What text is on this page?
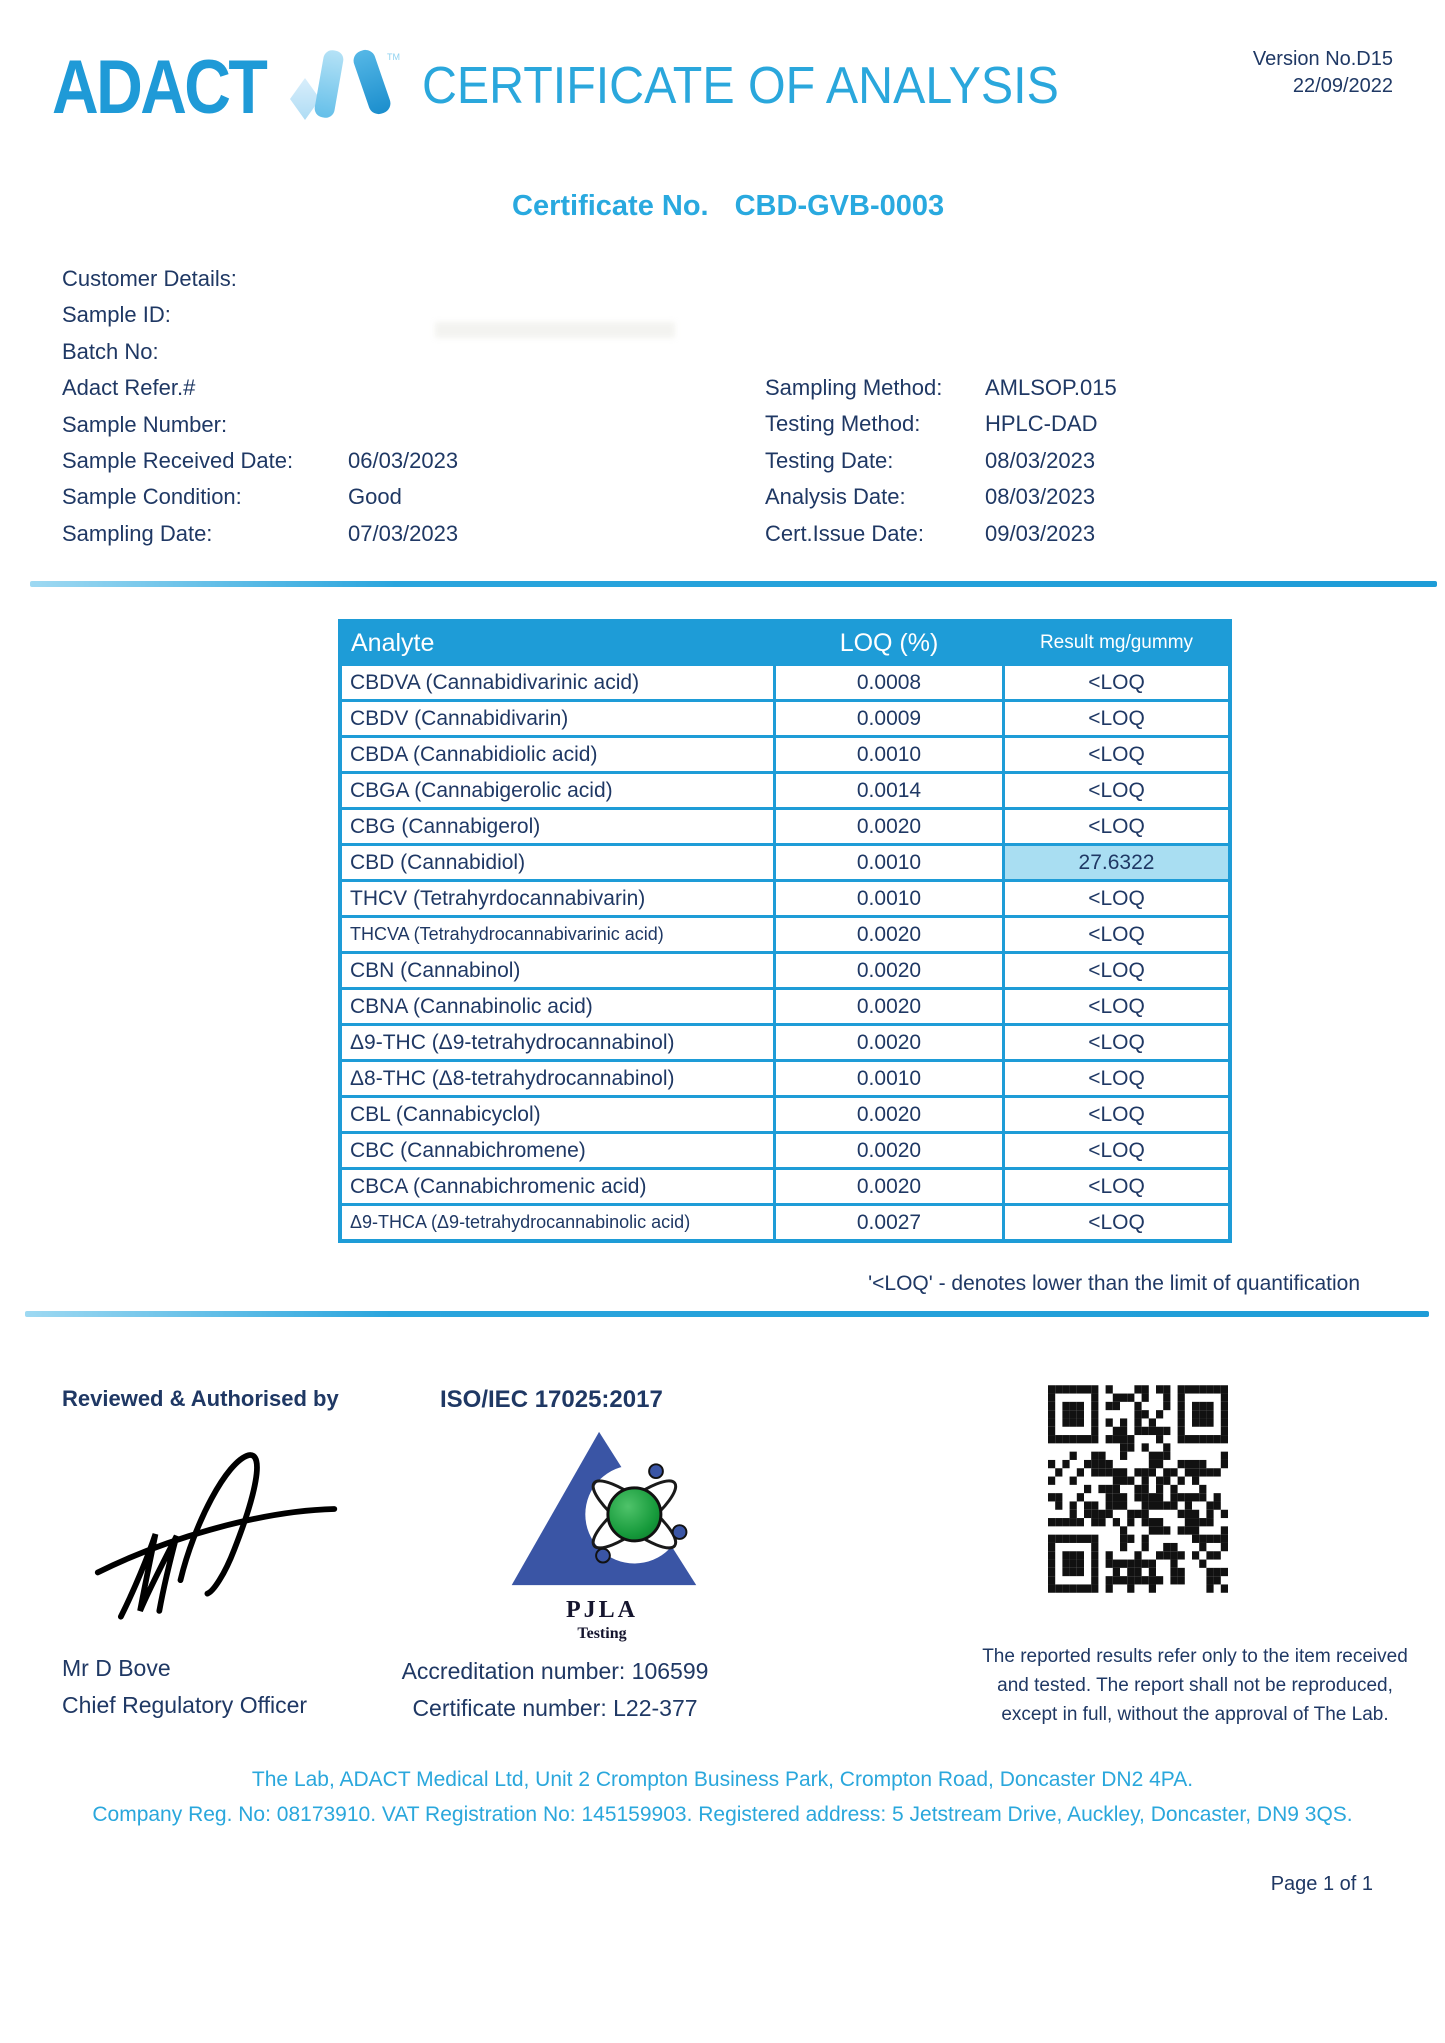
ADACT	TM CERTIFICATE OF ANALYSIS	Version No.D15
22/09/2022
Certificate No. CBD-GVB-0003
Customer Details:
Sample ID:
Batch No:
Adact Refer.#
Sample Number:
Sample Received Date: 06/03/2023
Sample Condition:	Good
Sampling Date:	07/03/2023
Sampling Method: AMLSOP.015
Testing Method:	HPLC-DAD
Testing Date:	08/03/2023
Analysis Date:	08/03/2023
Cert.Issue Date:	09/03/2023
Analyte	LOQ (%)	Result mg/gummy
CBDVA (Cannabidivarinic acid)	0.0008	<LOQ
CBDV (Cannabidivarin)	0.0009	<LOQ
CBDA (Cannabidiolic acid)	0.0010	<LOQ
CBGA (Cannabigerolic acid)	0.0014	<LOQ
CBG (Cannabigerol)	0.0020	<LOQ
CBD (Cannabidiol)	0.0010	27.6322
THCV (Tetrahyrdocannabivarin)	0.0010	<LOQ
THCVA (Tetrahydrocannabivarinic acid)	0.0020	<LOQ
CBN (Cannabinol)	0.0020	<LOQ
CBNA (Cannabinolic acid)	0.0020	<LOQ
Δ9-THC (Δ9-tetrahydrocannabinol)	0.0020	<LOQ
Δ8-THC (Δ8-tetrahydrocannabinol)	0.0010	<LOQ
CBL (Cannabicyclol)	0.0020	<LOQ
CBC (Cannabichromene)	0.0020	<LOQ
CBCA (Cannabichromenic acid)	0.0020	<LOQ
Δ9-THCA (Δ9-tetrahydrocannabinolic acid)	0.0027	<LOQ
'<LOQ' - denotes lower than the limit of quantification
Reviewed & Authorised by	ISO/IEC 17025:2017
PJLA
Testing
Mr D Bove
Chief Regulatory Officer
Accreditation number: 106599
Certificate number: L22-377
The reported results refer only to the item received and tested. The report shall not be reproduced, except in full, without the approval of The Lab.
The Lab, ADACT Medical Ltd, Unit 2 Crompton Business Park, Crompton Road, Doncaster DN2 4PA.
Company Reg. No: 08173910. VAT Registration No: 145159903. Registered address: 5 Jetstream Drive, Auckley, Doncaster, DN9 3QS.
Page 1 of 1
